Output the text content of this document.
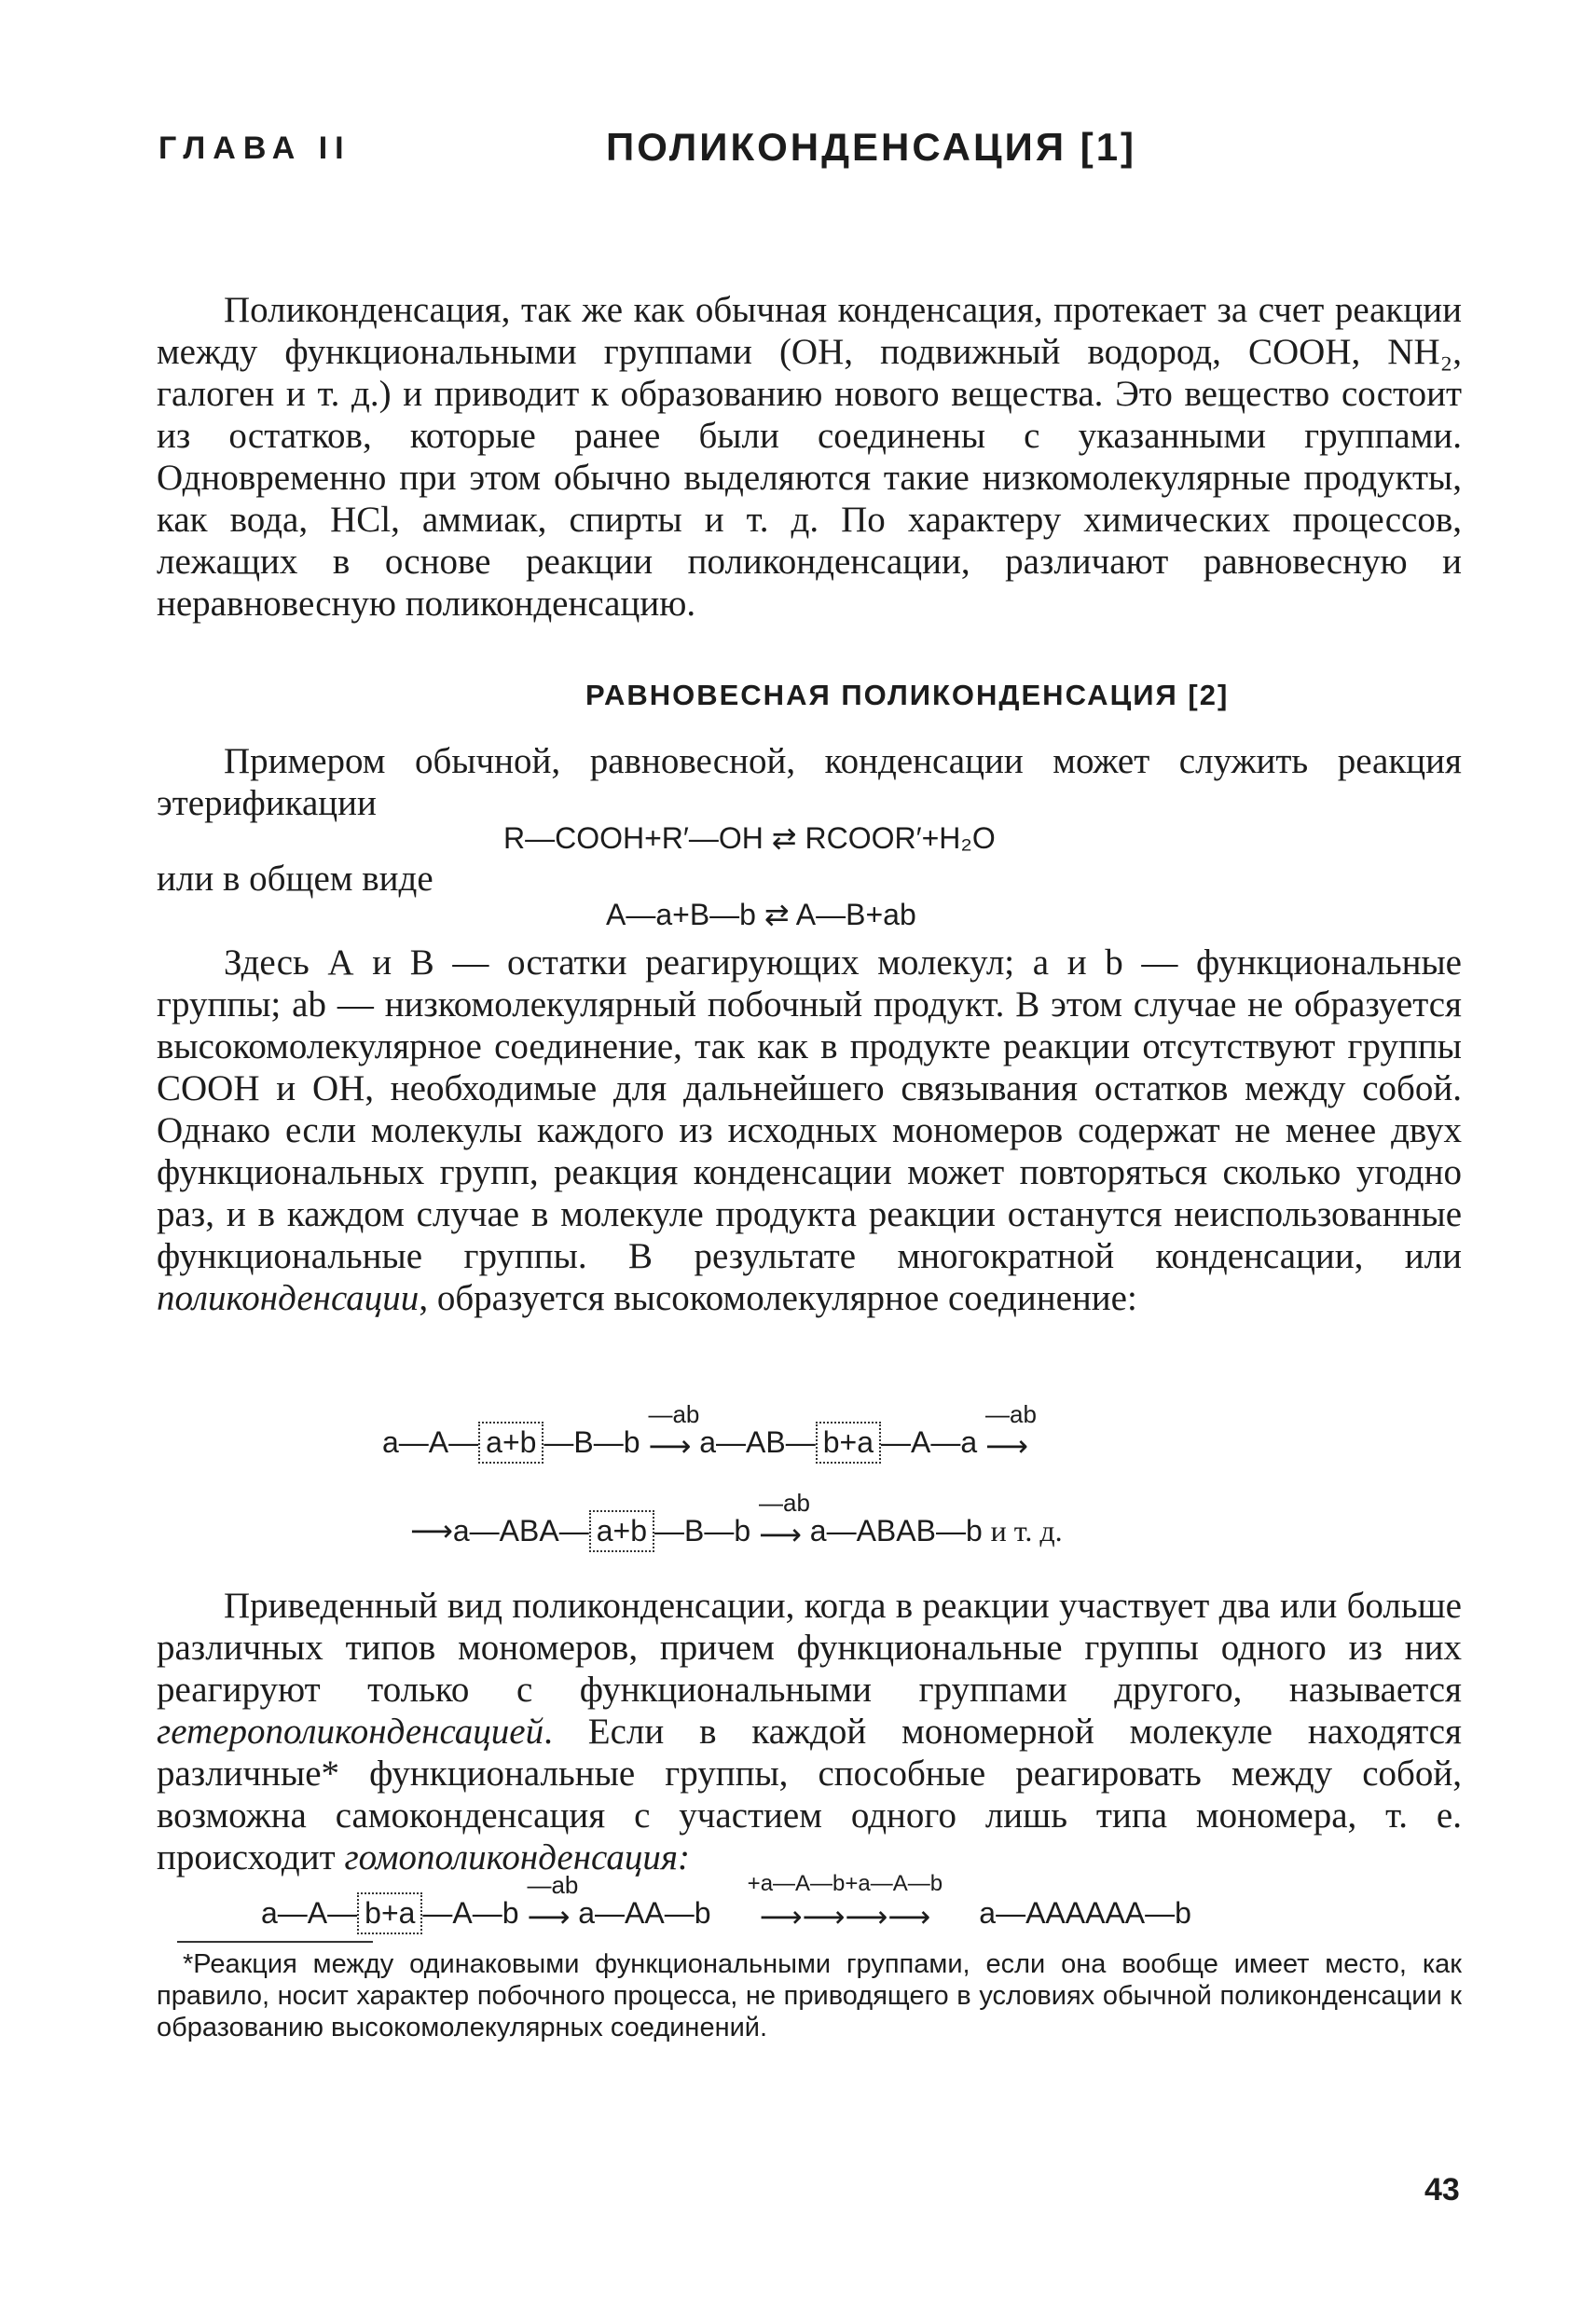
ГЛАВА II	ПОЛИКОНДЕНСАЦИЯ [1]

Поликонденсация, так же как обычная конденсация, протекает за счет реакции между функциональными группами (ОН, подвижный водород, СООН, NH₂, галоген и т. д.) и приводит к образованию нового вещества. Это вещество состоит из остатков, которые ранее были соединены с указанными группами. Одновременно при этом обычно выделяются такие низкомолекулярные продукты, как вода, HCl, аммиак, спирты и т. д. По характеру химических процессов, лежащих в основе реакции поликонденсации, различают равновесную и неравновесную поликонденсацию.

РАВНОВЕСНАЯ ПОЛИКОНДЕНСАЦИЯ [2]

Примером обычной, равновесной, конденсации может служить реакция этерификации

R—COOH+R′—OH ⇄ RCOOR′+H₂O

или в общем виде

A—a+B—b ⇄ A—B+ab

Здесь А и В — остатки реагирующих молекул; а и b — функциональные группы; ab — низкомолекулярный побочный продукт. В этом случае не образуется высокомолекулярное соединение, так как в продукте реакции отсутствуют группы СООН и ОН, необходимые для дальнейшего связывания остатков между собой. Однако если молекулы каждого из исходных мономеров содержат не менее двух функциональных групп, реакция конденсации может повторяться сколько угодно раз, и в каждом случае в молекуле продукта реакции останутся неиспользованные функциональные группы. В результате многократной конденсации, или поликонденсации, образуется высокомолекулярное соединение:

a—A— a+b —B—b
—ab
⟶ a—AB— b+a —A—a
—ab
⟶
⟶a—ABA— a+b —B—b
—ab
⟶ a—ABAB—b и т. д.

Приведенный вид поликонденсации, когда в реакции участвует два или больше различных типов мономеров, причем функциональные группы одного из них реагируют только с функциональными группами другого, называется гетерополиконденсацией. Если в каждой мономерной молекуле находятся различные* функциональные группы, способные реагировать между собой, возможна самоконденсация с участием одного лишь типа мономера, т. е. происходит гомополиконденсация:

a—A— b+a —A—b
—ab
⟶ a—AA—b
+a—A—b+a—A—b
⟶⟶⟶⟶ a—AAAAAA—b

*Реакция между одинаковыми функциональными группами, если она вообще имеет место, как правило, носит характер побочного процесса, не приводящего в условиях обычной поликонденсации к образованию высокомолекулярных соединений.

43
